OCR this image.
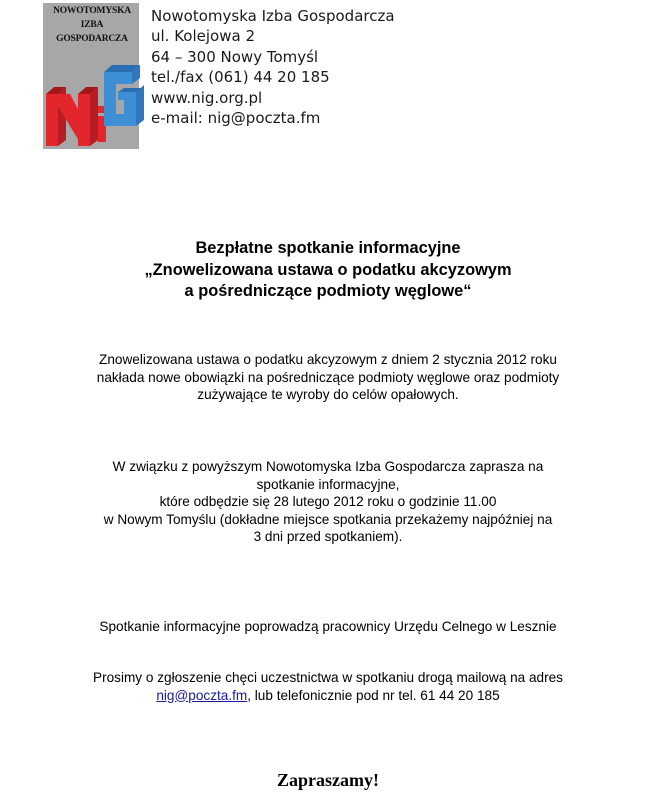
NOWOTOMYSKA
IZBA GOSPODARCZA
Nowotomyska Izba Gospodarcza
ul. Kolejowa 2
64 – 300 Nowy Tomyśl
tel./fax (061) 44 20 185
www.nig.org.pl
e-mail: nig@poczta.fm
Bezpłatne spotkanie informacyjne
„Znowelizowana ustawa o podatku akcyzowym
a pośredniczące podmioty węglowe“
Znowelizowana ustawa o podatku akcyzowym z dniem 2 stycznia 2012 roku
nakłada nowe obowiązki na pośredniczące podmioty węglowe oraz podmioty
zużywające te wyroby do celów opałowych.
W związku z powyższym Nowotomyska Izba Gospodarcza zaprasza na
spotkanie informacyjne,
które odbędzie się 28 lutego 2012 roku o godzinie 11.00
w Nowym Tomyślu (dokładne miejsce spotkania przekażemy najpóźniej na
3 dni przed spotkaniem).
Spotkanie informacyjne poprowadzą pracownicy Urzędu Celnego w Lesznie
Prosimy o zgłoszenie chęci uczestnictwa w spotkaniu drogą mailową na adres
nig@poczta.fm, lub telefonicznie pod nr tel. 61 44 20 185
Zapraszamy!
